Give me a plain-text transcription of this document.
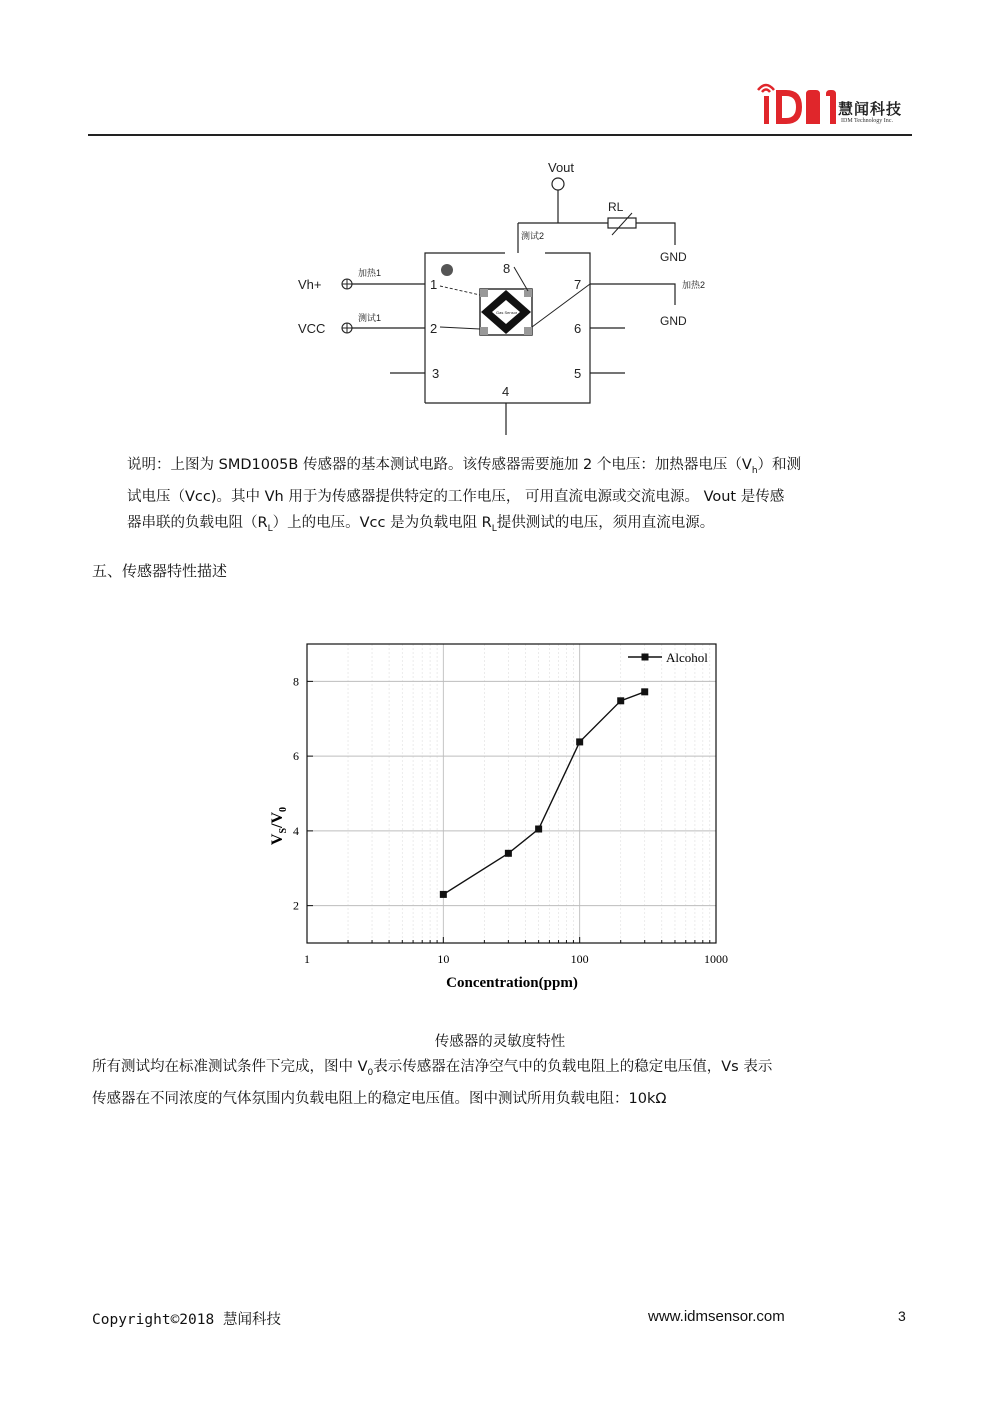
慧闻科技
IDM Technology Inc.
Vout
RL
GND
测试2
Vh+
加热1
VCC
测试1
加热2
GND
1
2
3
4
5
6
7
8
Gas Sensor

说明：上图为 SMD1005B 传感器的基本测试电路。该传感器需要施加 2 个电压：加热器电压$(V_h)$和测

试电压（Vcc)。其中 Vh 用于为传感器提供特定的工作电压， 可用直流电源或交流电源。 Vout 是传感

器串联的负载电阻$(R_L)$上的电压。Vcc 是为负载电阻 $R_L$提供测试的电压，须用直流电源。

五、传感器特性描述
1	10	100	1000
2
4
6
8
Alcohol
Concentration(ppm)
$V_S/V_0$
传感器的灵敏度特性

所有测试均在标准测试条件下完成，图中 $V_0$表示传感器在洁净空气中的负载电阻上的稳定电压值，Vs 表示

传感器在不同浓度的气体氛围内负载电阻上的稳定电压值。图中测试所用负载电阻：10kΩ

Copyright©2018 慧闻科技	www.idmsensor.com	3
